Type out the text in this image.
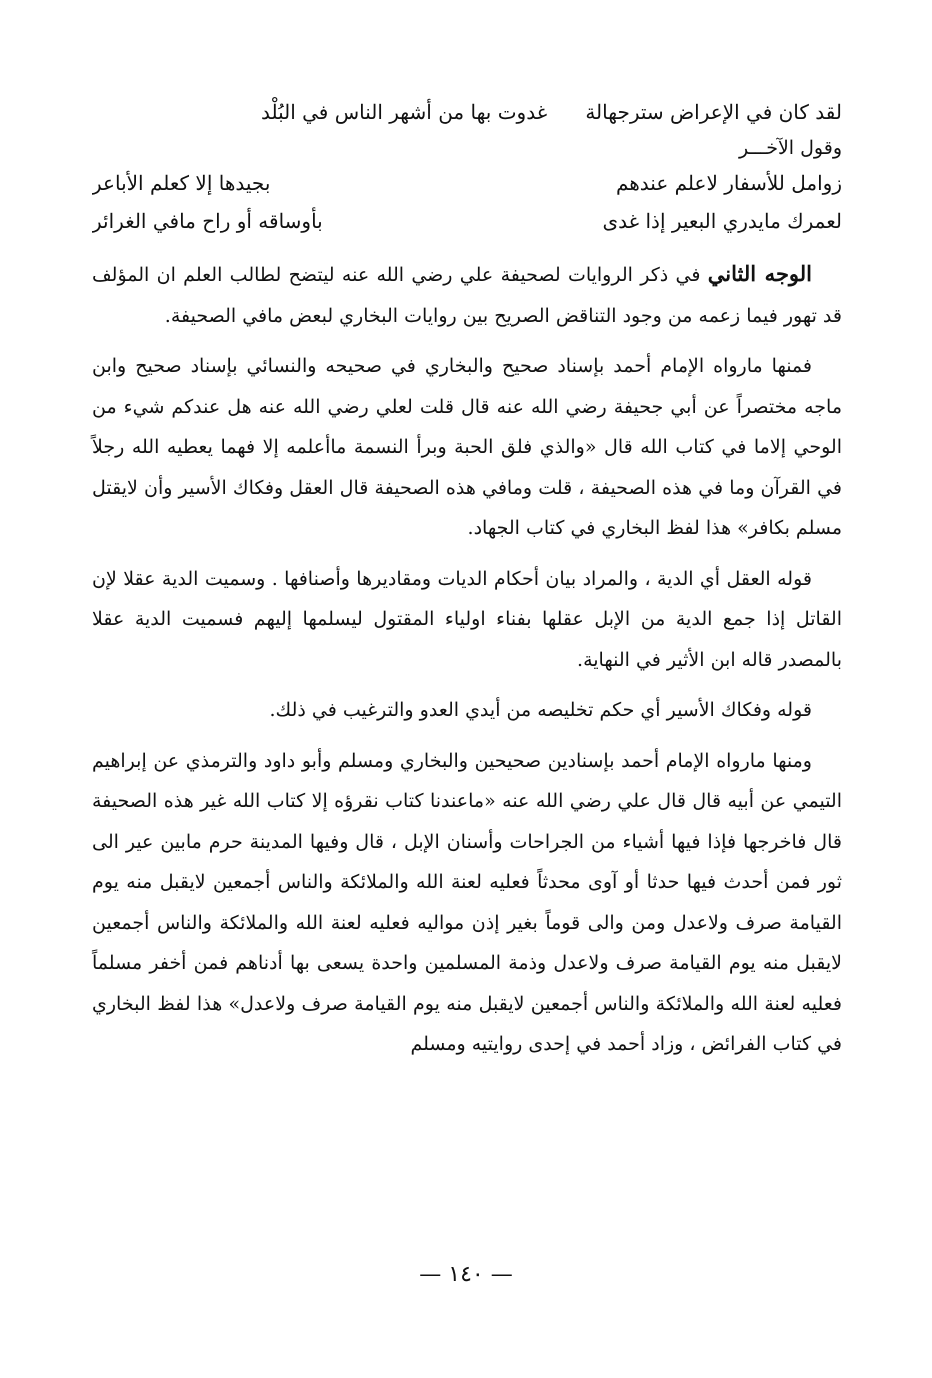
لقد كان في الإعراض سترجهالة      غدوت بها من أشهر الناس في البُلْد
وقول الآخـــر
زوامل للأسفار لاعلم عندهم
بجيدها إلا كعلم الأباعر
لعمرك مايدري البعير إذا غدى
بأوساقه أو راح مافي الغرائر

الوجه الثاني في ذكر الروايات لصحيفة علي رضي الله عنه ليتضح لطالب العلم ان المؤلف قد تهور فيما زعمه من وجود التناقض الصريح بين روايات البخاري لبعض مافي الصحيفة.

فمنها مارواه الإمام أحمد بإسناد صحيح والبخاري في صحيحه والنسائي بإسناد صحيح وابن ماجه مختصراً عن أبي جحيفة رضي الله عنه قال قلت لعلي رضي الله عنه هل عندكم شيء من الوحي إلاما في كتاب الله قال «والذي فلق الحبة وبرأ النسمة ماأعلمه إلا فهما يعطيه الله رجلاً في القرآن وما في هذه الصحيفة ، قلت ومافي هذه الصحيفة قال العقل وفكاك الأسير وأن لايقتل مسلم بكافر» هذا لفظ البخاري في كتاب الجهاد.

قوله العقل أي الدية ، والمراد بيان أحكام الديات ومقاديرها وأصنافها . وسميت الدية عقلا لإن القاتل إذا جمع الدية من الإبل عقلها بفناء اولياء المقتول ليسلمها إليهم فسميت الدية عقلا بالمصدر قاله ابن الأثير في النهاية.

قوله وفكاك الأسير أي حكم تخليصه من أيدي العدو والترغيب في ذلك.

ومنها مارواه الإمام أحمد بإسنادين صحيحين والبخاري ومسلم وأبو داود والترمذي عن إبراهيم التيمي عن أبيه قال قال علي رضي الله عنه «ماعندنا كتاب نقرؤه إلا كتاب الله غير هذه الصحيفة قال فاخرجها فإذا فيها أشياء من الجراحات وأسنان الإبل ، قال وفيها المدينة حرم مابين عير الى ثور فمن أحدث فيها حدثا أو آوى محدثاً فعليه لعنة الله والملائكة والناس أجمعين لايقبل منه يوم القيامة صرف ولاعدل ومن والى قوماً بغير إذن مواليه فعليه لعنة الله والملائكة والناس أجمعين لايقبل منه يوم القيامة صرف ولاعدل وذمة المسلمين واحدة يسعى بها أدناهم فمن أخفر مسلماً فعليه لعنة الله والملائكة والناس أجمعين لايقبل منه يوم القيامة صرف ولاعدل» هذا لفظ البخاري في كتاب الفرائض ، وزاد أحمد في إحدى روايتيه ومسلم

— ١٤٠ —
